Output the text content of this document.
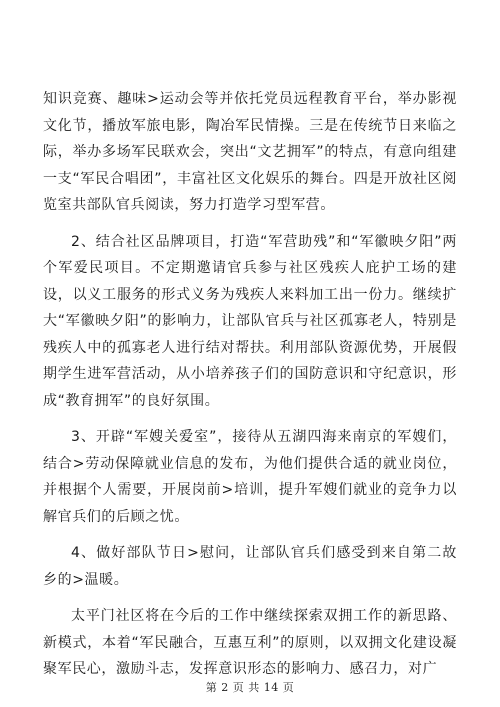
知识竞赛、趣味>运动会等并依托党员远程教育平台，举办影视文化节，播放军旅电影，陶冶军民情操。三是在传统节日来临之际，举办多场军民联欢会，突出“文艺拥军”的特点，有意向组建一支“军民合唱团”，丰富社区文化娱乐的舞台。四是开放社区阅览室共部队官兵阅读，努力打造学习型军营。

2、结合社区品牌项目，打造“军营助残”和“军徽映夕阳”两个军爱民项目。不定期邀请官兵参与社区残疾人庇护工场的建设，以义工服务的形式义务为残疾人来料加工出一份力。继续扩大“军徽映夕阳”的影响力，让部队官兵与社区孤寡老人，特别是残疾人中的孤寡老人进行结对帮扶。利用部队资源优势，开展假期学生进军营活动，从小培养孩子们的国防意识和守纪意识，形成“教育拥军”的良好氛围。

3、开辟“军嫂关爱室”，接待从五湖四海来南京的军嫂们，结合>劳动保障就业信息的发布，为他们提供合适的就业岗位，并根据个人需要，开展岗前>培训，提升军嫂们就业的竞争力以解官兵们的后顾之忧。

4、做好部队节日>慰问，让部队官兵们感受到来自第二故乡的>温暖。

太平门社区将在今后的工作中继续探索双拥工作的新思路、新模式，本着“军民融合，互惠互利”的原则，以双拥文化建设凝聚军民心，激励斗志，发挥意识形态的影响力、感召力，对广

第 2 页 共 14 页
